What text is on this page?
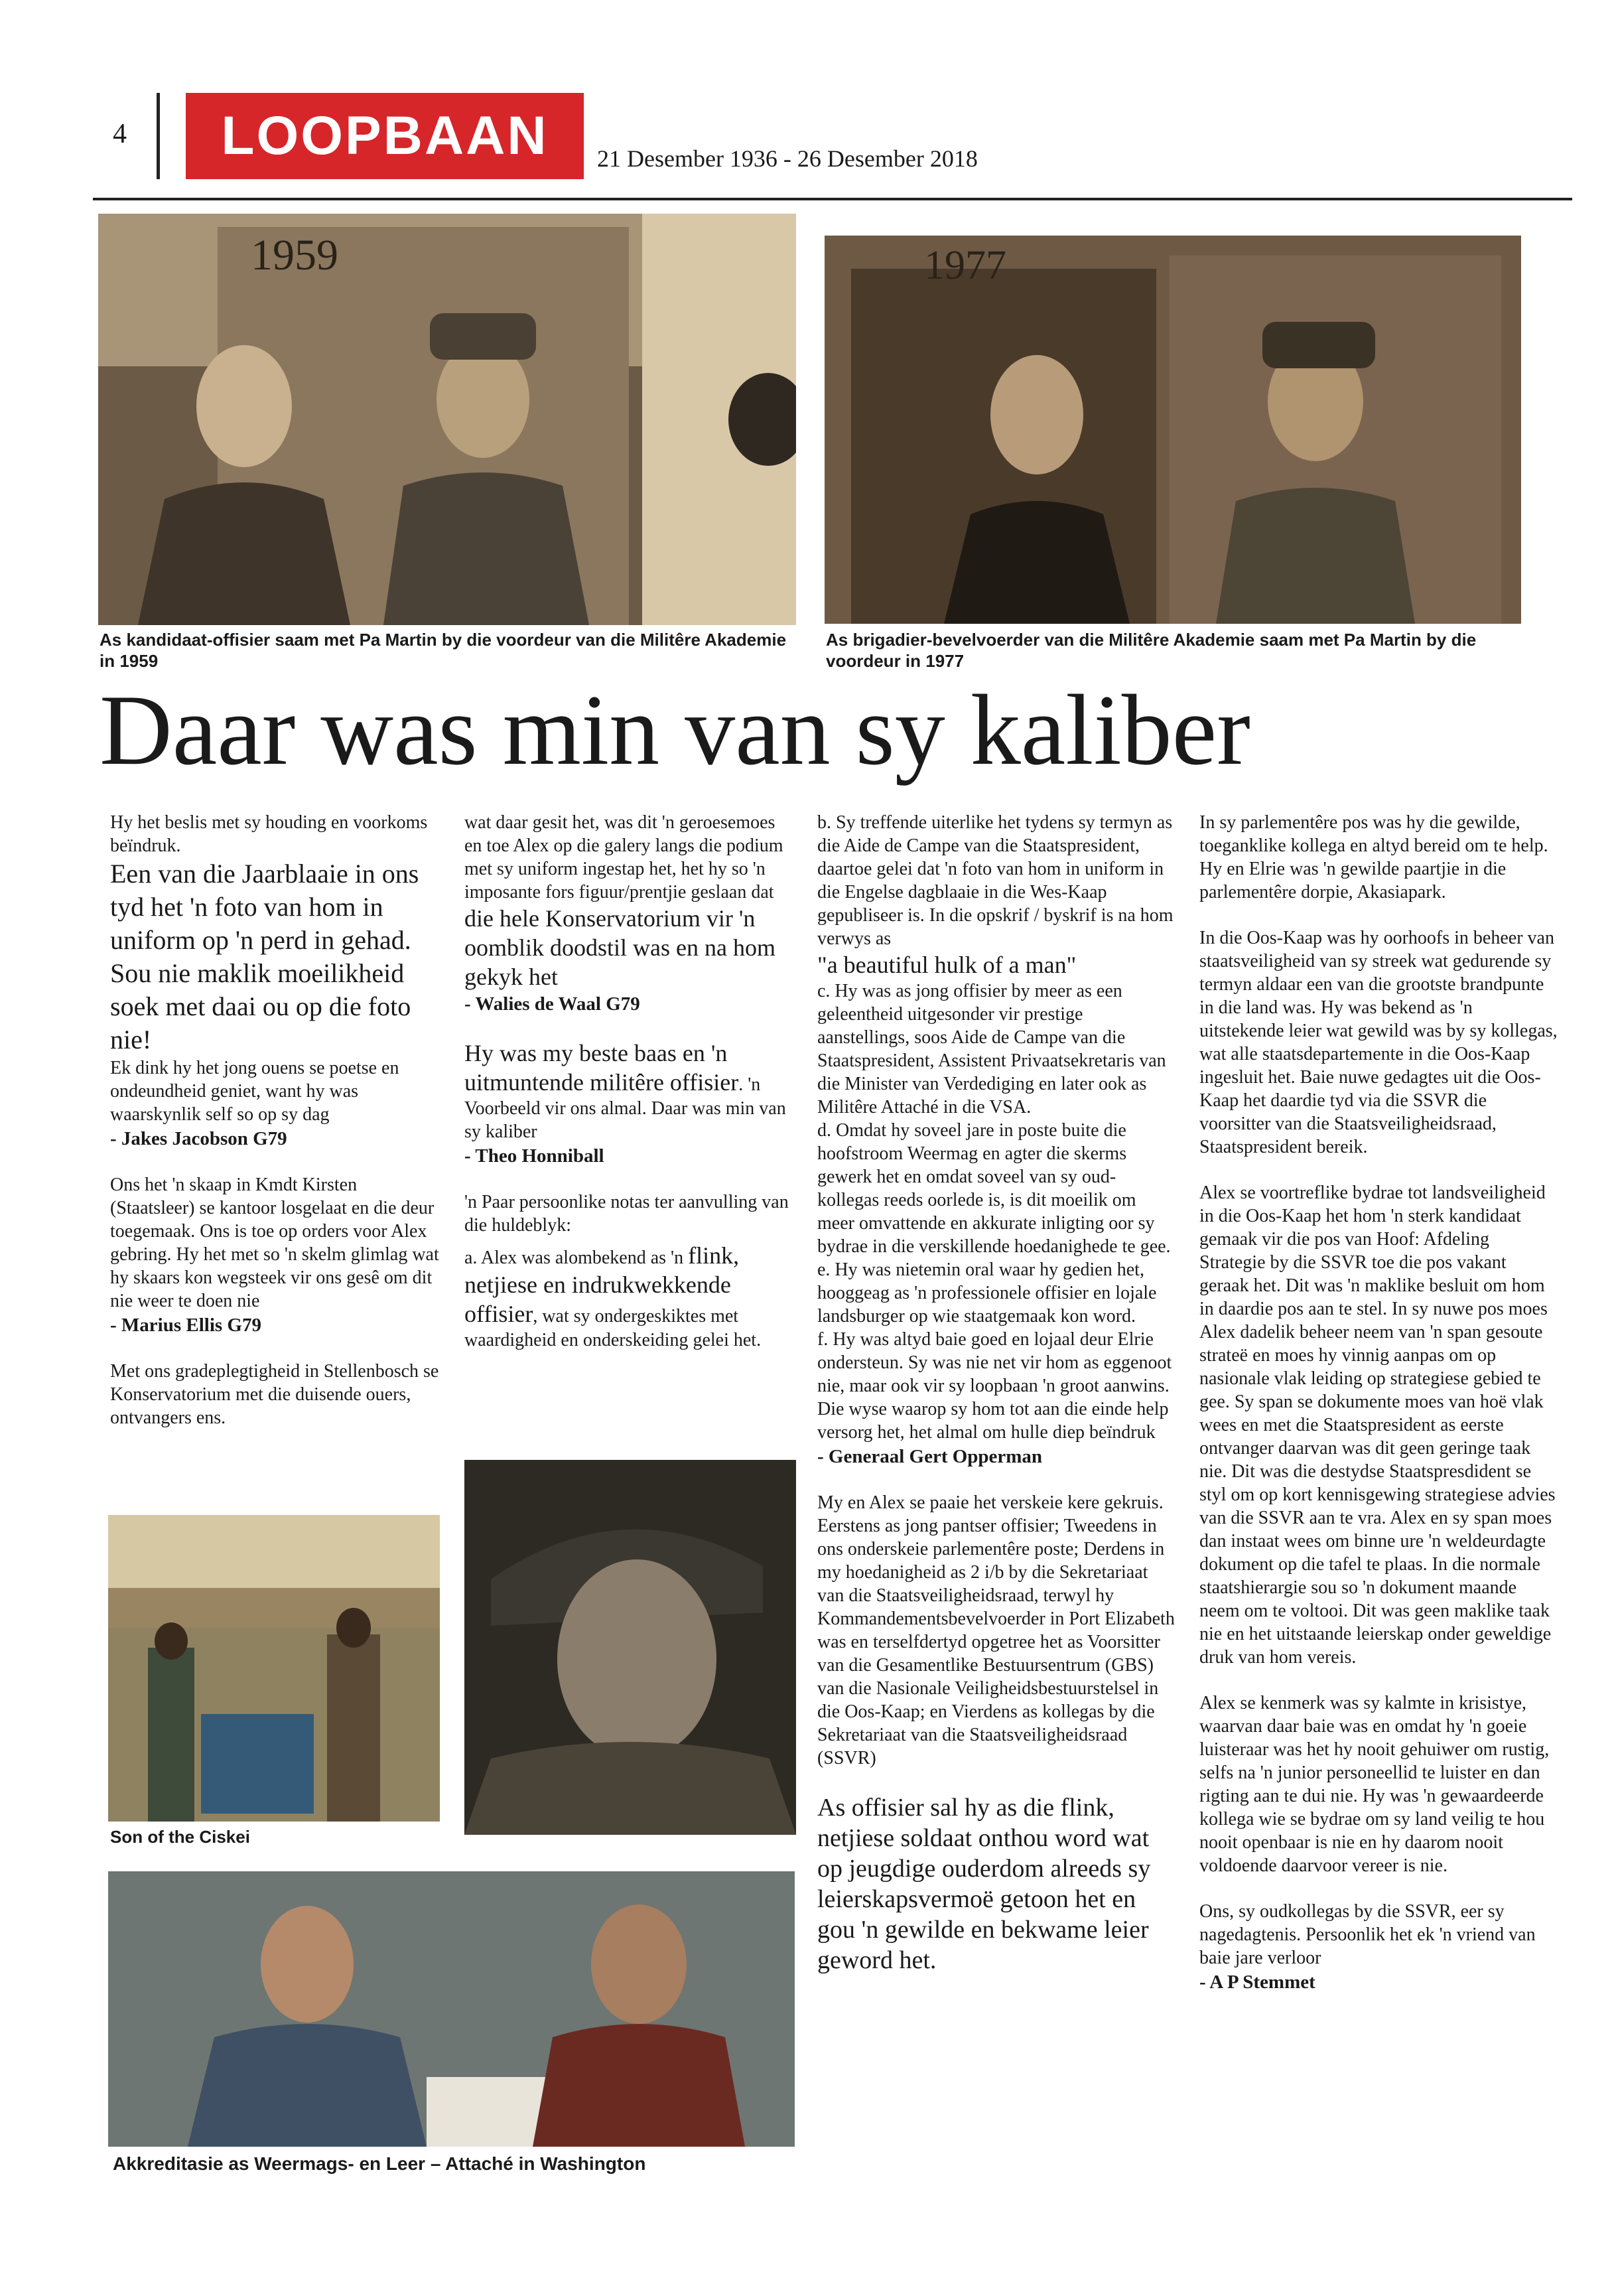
4	LOOPBAAN	21 Desember 1936 - 26 Desember 2018
1959
As kandidaat-offisier saam met Pa Martin by die voordeur van die Militêre Akademie in 1959
1977
As brigadier-bevelvoerder van die Militêre Akademie saam met Pa Martin by die voordeur in 1977
Daar was min van sy kaliber

Hy het beslis met sy houding en voorkoms beïndruk.
Een van die Jaarblaaie in ons tyd het 'n foto van hom in uniform op 'n perd in gehad. Sou nie maklik moeilikheid soek met daai ou op die foto nie!
Ek dink hy het jong ouens se poetse en ondeundheid geniet, want hy was waarskynlik self so op sy dag
- Jakes Jacobson G79

Ons het 'n skaap in Kmdt Kirsten (Staatsleer) se kantoor losgelaat en die deur toegemaak. Ons is toe op orders voor Alex gebring. Hy het met so 'n skelm glimlag wat hy skaars kon wegsteek vir ons gesê om dit nie weer te doen nie
- Marius Ellis G79

Met ons gradeplegtigheid in Stellenbosch se Konservatorium met die duisende ouers, ontvangers ens.

Son of the Ciskei
Akkreditasie as Weermags- en Leer – Attaché in Washington

wat daar gesit het, was dit 'n geroesemoes en toe Alex op die galery langs die podium met sy uniform ingestap het, het hy so 'n imposante fors figuur/prentjie geslaan dat die hele Konservatorium vir 'n oomblik doodstil was en na hom gekyk het
- Walies de Waal G79

Hy was my beste baas en 'n uitmuntende militêre offisier. 'n Voorbeeld vir ons almal. Daar was min van sy kaliber
- Theo Honniball

'n Paar persoonlike notas ter aanvulling van die huldeblyk:

a. Alex was alombekend as 'n flink, netjiese en indrukwekkende offisier, wat sy ondergeskiktes met waardigheid en onderskeiding gelei het.

b. Sy treffende uiterlike het tydens sy termyn as die Aide de Campe van die Staatspresident, daartoe gelei dat 'n foto van hom in uniform in die Engelse dagblaaie in die Wes-Kaap gepubliseer is. In die opskrif / byskrif is na hom verwys as
"a beautiful hulk of a man"

c. Hy was as jong offisier by meer as een geleentheid uitgesonder vir prestige aanstellings, soos Aide de Campe van die Staatspresident, Assistent Privaatsekretaris van die Minister van Verdediging en later ook as Militêre Attaché in die VSA.

d. Omdat hy soveel jare in poste buite die hoofstroom Weermag en agter die skerms gewerk het en omdat soveel van sy oud-kollegas reeds oorlede is, is dit moeilik om meer omvattende en akkurate inligting oor sy bydrae in die verskillende hoedanighede te gee.

e. Hy was nietemin oral waar hy gedien het, hooggeag as 'n professionele offisier en lojale landsburger op wie staatgemaak kon word.

f. Hy was altyd baie goed en lojaal deur Elrie ondersteun. Sy was nie net vir hom as eggenoot nie, maar ook vir sy loopbaan 'n groot aanwins. Die wyse waarop sy hom tot aan die einde help versorg het, het almal om hulle diep beïndruk
- Generaal Gert Opperman

My en Alex se paaie het verskeie kere gekruis. Eerstens as jong pantser offisier; Tweedens in ons onderskeie parlementêre poste; Derdens in my hoedanigheid as 2 i/b by die Sekretariaat van die Staatsveiligheidsraad, terwyl hy Kommandementsbevelvoerder in Port Elizabeth was en terselfdertyd opgetree het as Voorsitter van die Gesamentlike Bestuursentrum (GBS) van die Nasionale Veiligheidsbestuurstelsel in die Oos-Kaap; en Vierdens as kollegas by die Sekretariaat van die Staatsveiligheidsraad (SSVR)

As offisier sal hy as die flink, netjiese soldaat onthou word wat op jeugdige ouderdom alreeds sy leierskapsvermoë getoon het en gou 'n gewilde en bekwame leier geword het.

In sy parlementêre pos was hy die gewilde, toeganklike kollega en altyd bereid om te help. Hy en Elrie was 'n gewilde paartjie in die parlementêre dorpie, Akasiapark.

In die Oos-Kaap was hy oorhoofs in beheer van staatsveiligheid van sy streek wat gedurende sy termyn aldaar een van die grootste brandpunte in die land was. Hy was bekend as 'n uitstekende leier wat gewild was by sy kollegas, wat alle staatsdepartemente in die Oos-Kaap ingesluit het. Baie nuwe gedagtes uit die Oos-Kaap het daardie tyd via die SSVR die voorsitter van die Staatsveiligheidsraad, Staatspresident bereik.

Alex se voortreflike bydrae tot landsveiligheid in die Oos-Kaap het hom 'n sterk kandidaat gemaak vir die pos van Hoof: Afdeling Strategie by die SSVR toe die pos vakant geraak het. Dit was 'n maklike besluit om hom in daardie pos aan te stel. In sy nuwe pos moes Alex dadelik beheer neem van 'n span gesoute strateë en moes hy vinnig aanpas om op nasionale vlak leiding op strategiese gebied te gee. Sy span se dokumente moes van hoë vlak wees en met die Staatspresident as eerste ontvanger daarvan was dit geen geringe taak nie. Dit was die destydse Staatspresdident se styl om op kort kennisgewing strategiese advies van die SSVR aan te vra. Alex en sy span moes dan instaat wees om binne ure 'n weldeurdagte dokument op die tafel te plaas. In die normale staatshierargie sou so 'n dokument maande neem om te voltooi. Dit was geen maklike taak nie en het uitstaande leierskap onder geweldige druk van hom vereis.

Alex se kenmerk was sy kalmte in krisistye, waarvan daar baie was en omdat hy 'n goeie luisteraar was het hy nooit gehuiwer om rustig, selfs na 'n junior personeellid te luister en dan rigting aan te dui nie. Hy was 'n gewaardeerde kollega wie se bydrae om sy land veilig te hou nooit openbaar is nie en hy daarom nooit voldoende daarvoor vereer is nie.

Ons, sy oudkollegas by die SSVR, eer sy nagedagtenis. Persoonlik het ek 'n vriend van baie jare verloor
- A P Stemmet
